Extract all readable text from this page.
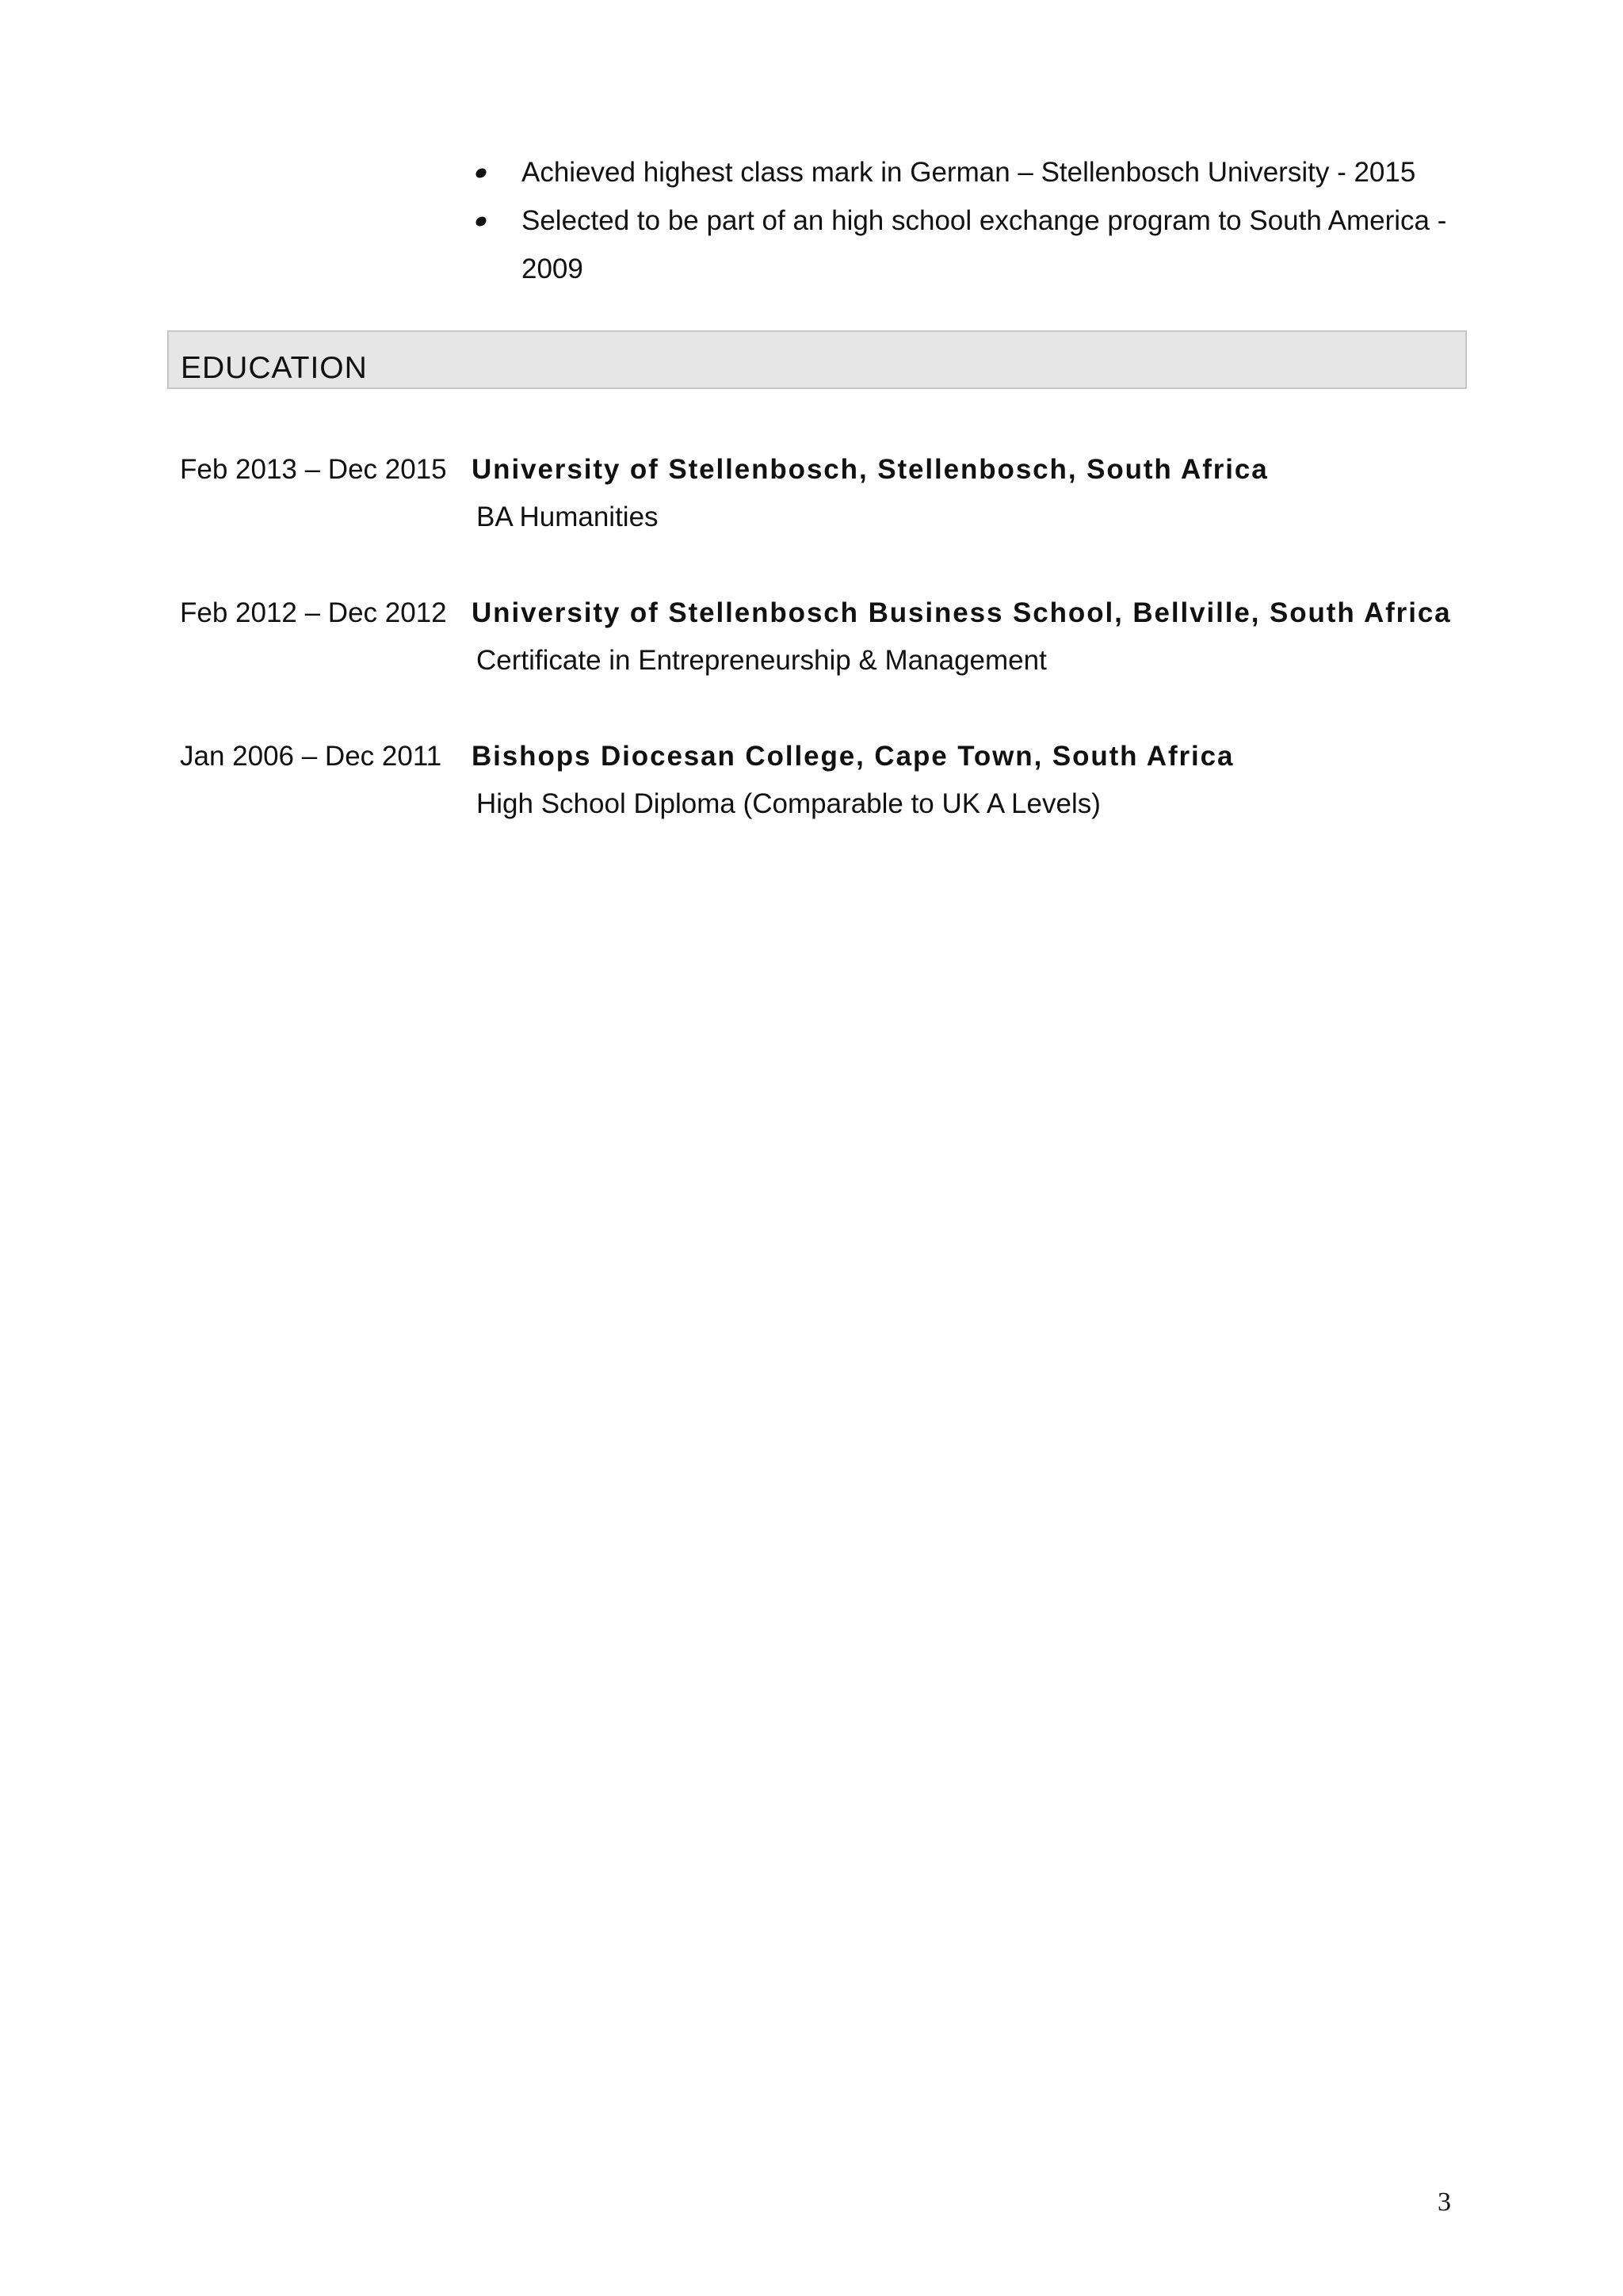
Achieved highest class mark in German – Stellenbosch University - 2015
Selected to be part of an high school exchange program to South America - 2009
EDUCATION
Feb 2013 – Dec 2015 University of Stellenbosch, Stellenbosch, South Africa
BA Humanities
Feb 2012 – Dec 2012 University of Stellenbosch Business School, Bellville, South Africa
Certificate in Entrepreneurship & Management
Jan 2006 – Dec 2011 Bishops Diocesan College, Cape Town, South Africa
High School Diploma (Comparable to UK A Levels)
3
